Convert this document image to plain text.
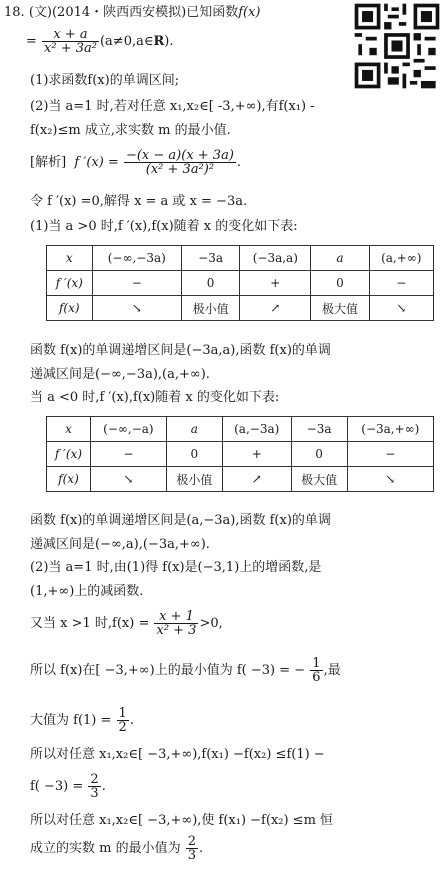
18. (文)(2014・陕西西安模拟)已知函数f(x)
= $\frac{x + a}{\text{x² + 3a²}}$ (a≠0,a∈R).
(1)求函数f(x)的单调区间;
(2)当 a=1 时,若对任意 x₁,x₂∈[ -3,+∞),有f(x₁) -
f(x₂)≤m 成立,求实数 m 的最小值.
[解析] f $'(x) = \frac{-(x - a)(x + 3a)}{\text{(x² + 3a²)²}}$ .
令 f ′(x) =0,解得 x = a 或 x = −3a.
(1)当 a >0 时,f ′(x),f(x)随着 x 的变化如下表:
x	(−∞,−3a)	−3a	(−3a,a)	a	(a,+∞)
f ′(x)	−	0	+	0	−
f(x)	↘	极小值	↗	极大值	↘
函数 f(x)的单调递增区间是(−3a,a),函数 f(x)的单调
递减区间是(−∞,−3a),(a,+∞).
当 a <0 时,f ′(x),f(x)随着 x 的变化如下表:
x	(−∞,−a)	a	(a,−3a)	−3a	(−3a,+∞)
f ′(x)	−	0	+	0	−
f(x)	↘	极小值	↗	极大值	↘
函数 f(x)的单调递增区间是(a,−3a),函数 f(x)的单调
递减区间是(−∞,a),(−3a,+∞).
(2)当 a=1 时,由(1)得 f(x)是(−3,1)上的增函数,是
(1,+∞)上的减函数.
又当 x >1 时$,f(x) = \frac{x + 1}{\text{x² + 3}} >0$,
所以 f(x)在[ −3,+∞)上的最小值为 f( −3) = − $\frac{1}{6}$ ,最
大值为 $f(1) = \frac{1}{2}$ .
所以对任意 x₁,x₂∈[ −3,+∞),f(x₁) −f(x₂) ≤f(1) −
$f( -3) = \frac{2}{3}$ .
所以对任意 x₁,x₂∈[ −3,+∞),使 f(x₁) −f(x₂) ≤m 恒
成立的实数 m 的最小值为 $\frac{2}{3}$ .
